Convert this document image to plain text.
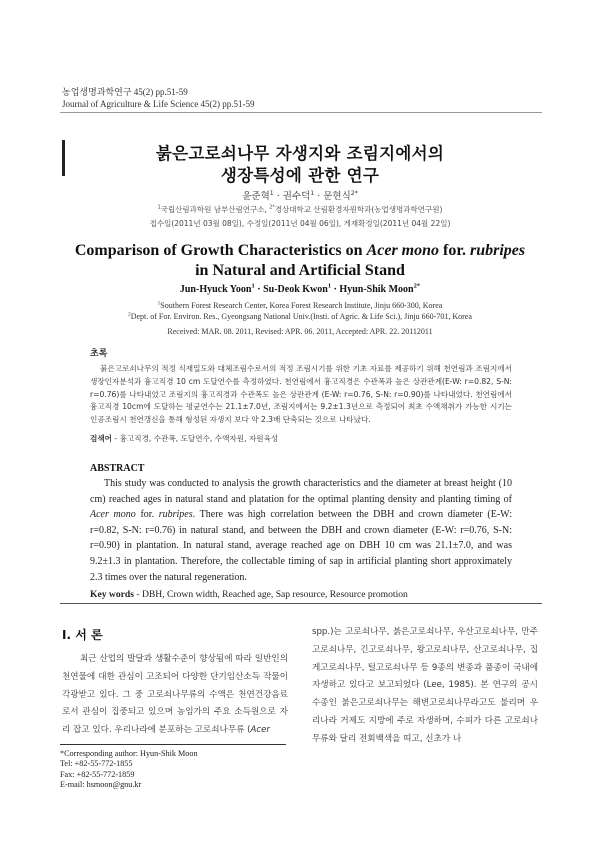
농업생명과학연구 45(2) pp.51-59
Journal of Agriculture & Life Science 45(2) pp.51-59
붉은고로쇠나무 자생지와 조림지에서의
생장특성에 관한 연구
윤준혁$^1$ · 권수덕$^1$ · 문현식$^{2*}$
$^1$국립산림과학원 남부산림연구소, $^{2*}$경상대학교 산림환경자원학과(농업생명과학연구원)
접수일(2011년 03월 08일), 수정일(2011년 04월 06일), 게재확정일(2011년 04월 22일)
Comparison of Growth Characteristics on Acer mono for. rubripes
in Natural and Artificial Stand
Jun-Hyuck Yoon$^1$ · Su-Deok Kwon$^1$ · Hyun-Shik Moon$^{2*}$
$^1$Southern Forest Research Center, Korea Forest Research Institute, Jinju 660-300, Korea
$^2$Dept. of For. Environ. Res., Gyeongsang National Univ.(Insti. of Agric. & Life Sci.), Jinju 660-701, Korea
Received: MAR. 08. 2011, Revised: APR. 06. 2011, Accepted: APR. 22. 20112011
초록
붉은고로쇠나무의 적정 식재밀도와 대체조림수로서의 적정 조림시기를 위한 기초 자료를 제공하기 위해 천연림과 조림지에서 생장인자분석과 흉고직경 10 cm 도달연수를 측정하였다. 천연림에서 흉고직경은 수관폭과 높은 상관관계(E-W: r=0.82, S-N: r=0.76)를 나타내었고 조림지의 흉고직경과 수관폭도 높은 상관관계 (E-W: r=0.76, S-N: r=0.90)를 나타내었다. 천연림에서 흉고직경 10cm에 도달하는 평균연수는 21.1±7.0년, 조림지에서는 9.2±1.3년으로 측정되어 최초 수액채취가 가능한 시기는 인공조림시 천연갱신을 통해 형성된 자생지 보다 약 2.3배 단축되는 것으로 나타났다.
검색어 - 흉고직경, 수관폭, 도달연수, 수액자원, 자원육성
ABSTRACT
This study was conducted to analysis the growth characteristics and the diameter at breast height (10 cm) reached ages in natural stand and platation for the optimal planting density and planting timing of Acer mono for. rubripes. There was high correlation between the DBH and crown diameter (E-W: r=0.82, S-N: r=0.76) in natural stand, and between the DBH and crown diameter (E-W: r=0.76, S-N: r=0.90) in plantation. In natural stand, average reached age on DBH 10 cm was 21.1±7.0, and was 9.2±1.3 in plantation. Therefore, the collectable timing of sap in artificial planting short approximately 2.3 times over the natural regeneration.
Key words - DBH, Crown width, Reached age, Sap resource, Resource promotion
Ⅰ. 서 론
최근 산업의 발달과 생활수준이 향상됨에 따라 일반인의 천연물에 대한 관심이 고조되어 다양한 단기임산소득 작물이 각광받고 있다. 그 중 고로쇠나무류의 수액은 천연건강음료로서 관심이 집중되고 있으며 농임가의 주요 소득원으로 자리 잡고 있다. 우리나라에 분포하는 고로쇠나무류 (Acer
spp.)는 고로쇠나무, 붉은고로쇠나무, 우산고로쇠나무, 만주고로쇠나무, 긴고로쇠나무, 왕고로쇠나무, 산고로쇠나무, 집게고로쇠나무, 털고로쇠나무 등 9종의 변종과 품종이 국내에 자생하고 있다고 보고되었다 (Lee, 1985). 본 연구의 공시수종인 붉은고로쇠나무는 해변고로쇠나무라고도 불리며 우리나라 거제도 지방에 주로 자생하며, 수피가 다른 고로쇠나무류와 달리 전회백색을 띠고, 신초가 나
*Corresponding author: Hyun-Shik Moon
Tel: +82-55-772-1855
Fax: +82-55-772-1859
E-mail: hsmoon@gnu.kr
